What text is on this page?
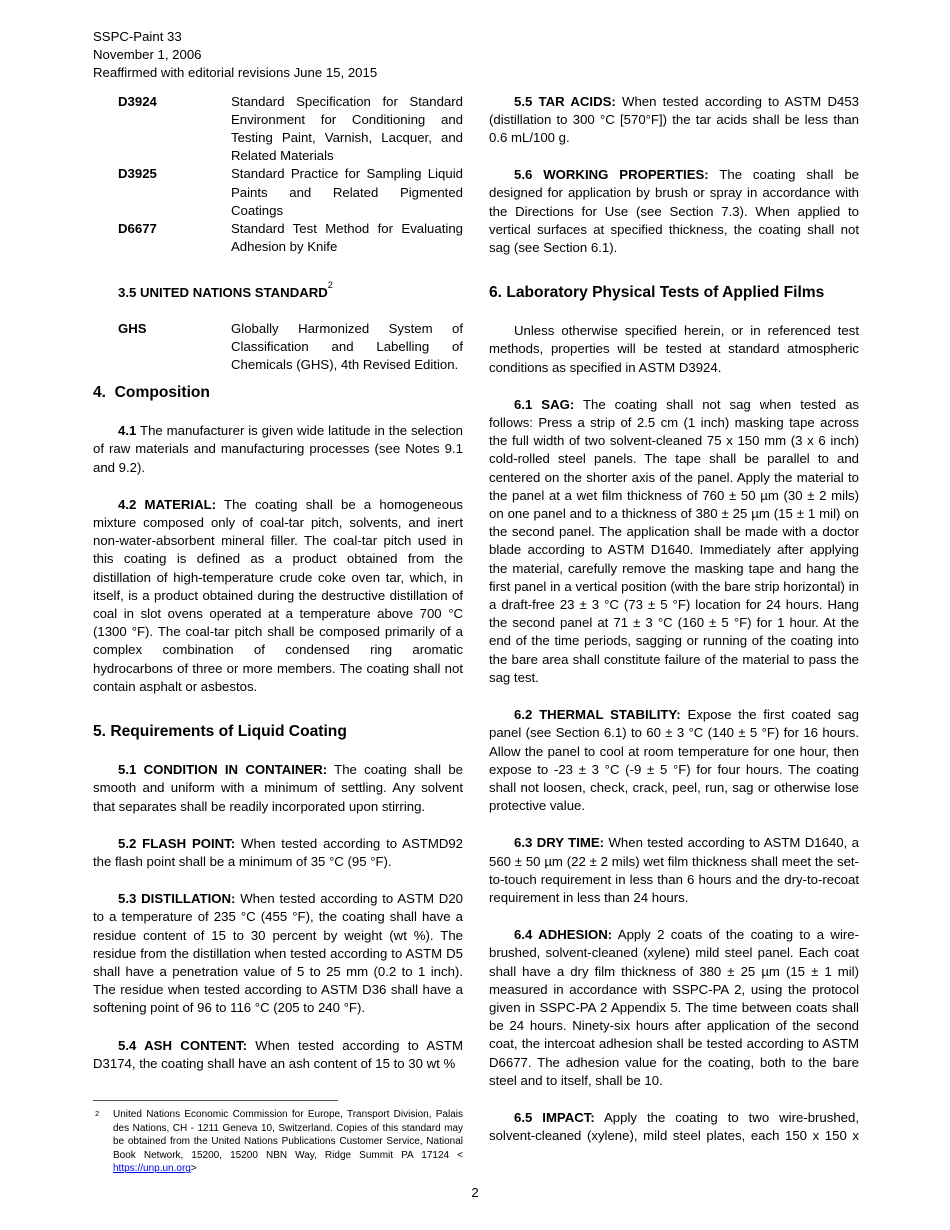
SSPC-Paint 33
November 1, 2006
Reaffirmed with editorial revisions June 15, 2015
D3924	Standard Specification for Standard Environment for Conditioning and Testing Paint, Varnish, Lacquer, and Related Materials
D3925	Standard Practice for Sampling Liquid Paints and Related Pigmented Coatings
D6677	Standard Test Method for Evaluating Adhesion by Knife

3.5 UNITED NATIONS STANDARD$^2$

GHS	Globally Harmonized System of Classification and Labelling of Chemicals (GHS), 4th Revised Edition.
4.  Composition

4.1 The manufacturer is given wide latitude in the selection of raw materials and manufacturing processes (see Notes 9.1 and 9.2).

4.2 MATERIAL: The coating shall be a homogeneous mixture composed only of coal-tar pitch, solvents, and inert non-water-absorbent mineral filler. The coal-tar pitch used in this coating is defined as a product obtained from the distillation of high-temperature crude coke oven tar, which, in itself, is a product obtained during the destructive distillation of coal in slot ovens operated at a temperature above 700 °C (1300 °F). The coal-tar pitch shall be composed primarily of a complex combination of condensed ring aromatic hydrocarbons of three or more members. The coating shall not contain asphalt or asbestos.

5. Requirements of Liquid Coating

5.1 CONDITION IN CONTAINER: The coating shall be smooth and uniform with a minimum of settling. Any solvent that separates shall be readily incorporated upon stirring.

5.2 FLASH POINT: When tested according to ASTMD92 the flash point shall be a minimum of 35 °C (95 °F).

5.3 DISTILLATION: When tested according to ASTM D20 to a temperature of 235 °C (455 °F), the coating shall have a residue content of 15 to 30 percent by weight (wt %). The residue from the distillation when tested according to ASTM D5 shall have a penetration value of 5 to 25 mm (0.2 to 1 inch). The residue when tested according to ASTM D36 shall have a softening point of 96 to 116 °C (205 to 240 °F).

5.4 ASH CONTENT: When tested according to ASTM D3174, the coating shall have an ash content of 15 to 30 wt %

2 United Nations Economic Commission for Europe, Transport Division, Palais des Nations, CH - 1211 Geneva 10, Switzerland. Copies of this standard may be obtained from the United Nations Publications Customer Service, National Book Network, 15200, 15200 NBN Way, Ridge Summit PA 17124 < https://unp.un.org>

5.5 TAR ACIDS: When tested according to ASTM D453 (distillation to 300 °C [570°F]) the tar acids shall be less than 0.6 mL/100 g.

5.6 WORKING PROPERTIES: The coating shall be designed for application by brush or spray in accordance with the Directions for Use (see Section 7.3). When applied to vertical surfaces at specified thickness, the coating shall not sag (see Section 6.1).

6. Laboratory Physical Tests of Applied Films

Unless otherwise specified herein, or in referenced test methods, properties will be tested at standard atmospheric conditions as specified in ASTM D3924.

6.1 SAG: The coating shall not sag when tested as follows: Press a strip of 2.5 cm (1 inch) masking tape across the full width of two solvent-cleaned 75 x 150 mm (3 x 6 inch) cold-rolled steel panels. The tape shall be parallel to and centered on the shorter axis of the panel. Apply the material to the panel at a wet film thickness of 760 ± 50 µm (30 ± 2 mils) on one panel and to a thickness of 380 ± 25 µm (15 ± 1 mil) on the second panel. The application shall be made with a doctor blade according to ASTM D1640. Immediately after applying the material, carefully remove the masking tape and hang the first panel in a vertical position (with the bare strip horizontal) in a draft-free 23 ± 3 °C (73 ± 5 °F) location for 24 hours. Hang the second panel at 71 ± 3 °C (160 ± 5 °F) for 1 hour. At the end of the time periods, sagging or running of the coating into the bare area shall constitute failure of the material to pass the sag test.

6.2 THERMAL STABILITY: Expose the first coated sag panel (see Section 6.1) to 60 ± 3 °C (140 ± 5 °F) for 16 hours. Allow the panel to cool at room temperature for one hour, then expose to -23 ± 3 °C (-9 ± 5 °F) for four hours. The coating shall not loosen, check, crack, peel, run, sag or otherwise lose protective value.

6.3 DRY TIME: When tested according to ASTM D1640, a 560 ± 50 µm (22 ± 2 mils) wet film thickness shall meet the set-to-touch requirement in less than 6 hours and the dry-to-recoat requirement in less than 24 hours.

6.4 ADHESION: Apply 2 coats of the coating to a wire-brushed, solvent-cleaned (xylene) mild steel panel. Each coat shall have a dry film thickness of 380 ± 25 µm (15 ± 1 mil) measured in accordance with SSPC-PA 2, using the protocol given in SSPC-PA 2 Appendix 5. The time between coats shall be 24 hours. Ninety-six hours after application of the second coat, the intercoat adhesion shall be tested according to ASTM D6677. The adhesion value for the coating, both to the bare steel and to itself, shall be 10.

6.5 IMPACT: Apply the coating to two wire-brushed, solvent-cleaned (xylene), mild steel plates, each 150 x 150 x

2
